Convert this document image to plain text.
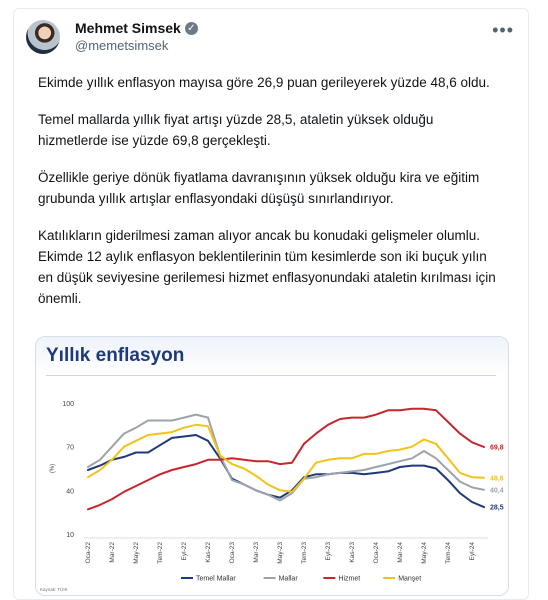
Mehmet Simsek ✓
@memetsimsek
•••

Ekimde yıllık enflasyon mayısa göre 26,9 puan gerileyerek yüzde 48,6 oldu.

Temel mallarda yıllık fiyat artışı yüzde 28,5, ataletin yüksek olduğu hizmetlerde ise yüzde 69,8 gerçekleşti.

Özellikle geriye dönük fiyatlama davranışının yüksek olduğu kira ve eğitim grubunda yıllık artışlar enflasyondaki düşüşü sınırlandırıyor.

Katılıkların giderilmesi zaman alıyor ancak bu konudaki gelişmeler olumlu. Ekimde 12 aylık enflasyon beklentilerinin tüm kesimlerde son iki buçuk yılın en düşük seviyesine gerilemesi hizmet enflasyonundaki ataletin kırılması için önemli.

Yıllık enflasyon
10
40
70
100
(%)
Oca-22	Mar-22	May-22	Tem-22	Eyl-22	Kas-22	Oca-23	Mar-23	May-23	Tem-23	Eyl-23	Kas-23	Oca-24	Mar-24	May-24	Tem-24	Eyl-24
28,5
40,4
69,8
48,6
Temel Mallar	Mallar	Hizmet	Manşet
Kaynak: TÜİK
